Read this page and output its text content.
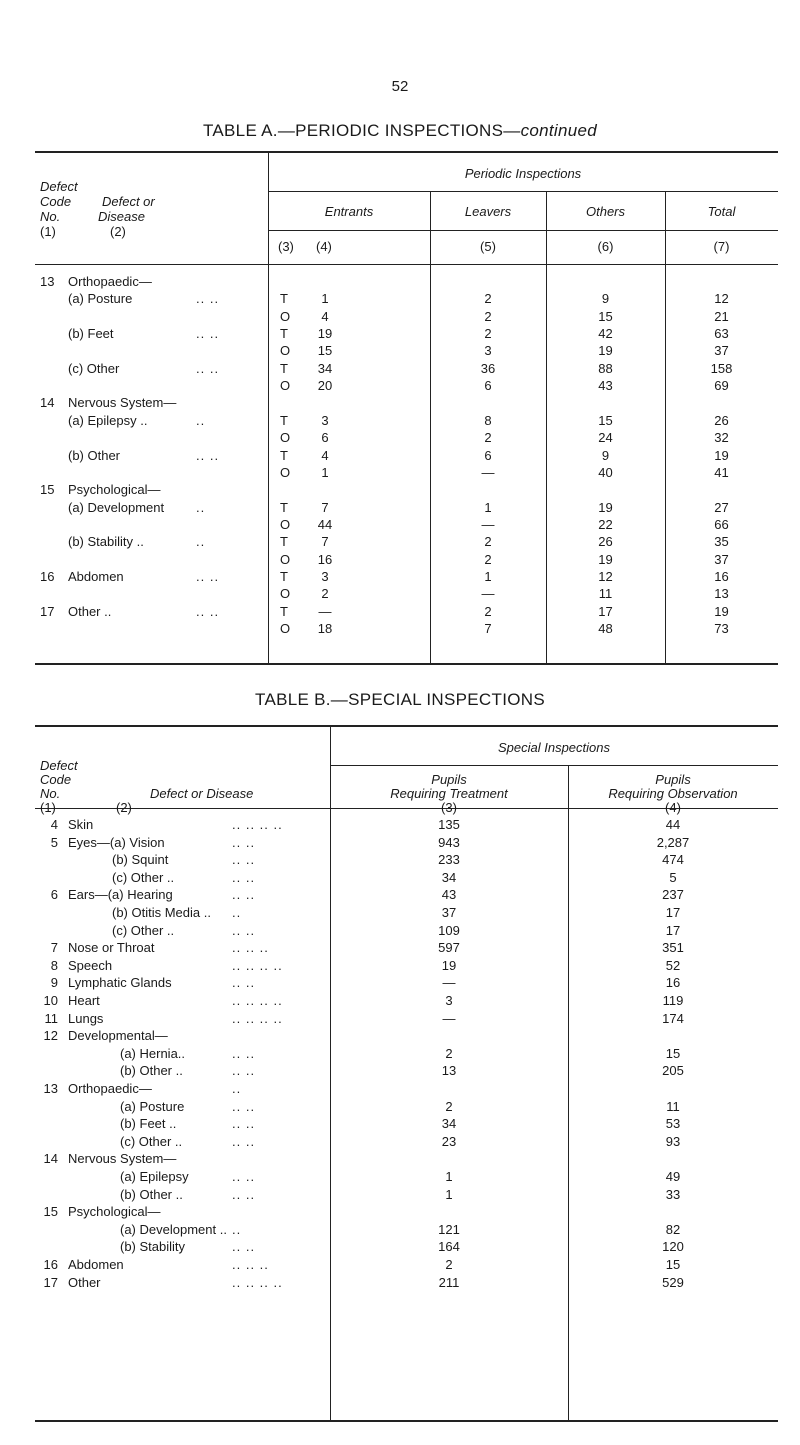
52
TABLE A.—PERIODIC INSPECTIONS—continued
Defect
Code
No.
(1)
Defect or
Disease
(2)
Periodic Inspections
Entrants	Leavers	Others	Total
(3) (4)	(5)	(6)	(7)
13 Orthopaedic—
(a) Posture	.. ..	T	1	2	9	12
O	4	2	15	21
(b) Feet	.. ..	T	19	2	42	63
O	15	3	19	37
(c) Other	.. ..	T	34	36	88	158
O	20	6	43	69
14 Nervous System—
(a) Epilepsy ..	..	T	3	8	15	26
O	6	2	24	32
(b) Other	.. ..	T	4	6	9	19
O	1	—	40	41
15 Psychological—
(a) Development ..	T	7	1	19	27
O	44	—	22	66
(b) Stability ..	..	T	7	2	26	35
O	16	2	19	37
16 Abdomen	.. ..	T	3	1	12	16
O	2	—	11	13
17 Other ..	.. ..	T	—	2	17	19
O	18	7	48	73
TABLE B.—SPECIAL INSPECTIONS
Defect
Code
No.
(1)
Defect or Disease
(2)
Special Inspections
Pupils
Requiring Treatment
(3)
Pupils
Requiring Observation
(4)
4 Skin	.. .. .. ..	135	44
5 Eyes—(a) Vision	.. ..	943	2,287
(b) Squint	.. ..	233	474
(c) Other ..	.. ..	34	5
6 Ears—(a) Hearing	.. ..	43	237
(b) Otitis Media .. ..	37	17
(c) Other ..	.. ..	109	17
7 Nose or Throat	.. .. ..	597	351
8 Speech	.. .. .. ..	19	52
9 Lymphatic Glands	.. ..	—	16
10 Heart	.. .. .. ..	3	119
11 Lungs	.. .. .. ..	—	174
12 Developmental—
(a) Hernia..	.. ..	2	15
(b) Other ..	.. ..	13	205
13 Orthopaedic—	..
(a) Posture	.. ..	2	11
(b) Feet ..	.. ..	34	53
(c) Other ..	.. ..	23	93
14 Nervous System—
(a) Epilepsy	.. ..	1	49
(b) Other ..	.. ..	1	33
15 Psychological—
(a) Development .. ..	121	82
(b) Stability	.. ..	164	120
16 Abdomen	.. .. ..	2	15
17 Other	.. .. .. ..	211	529
